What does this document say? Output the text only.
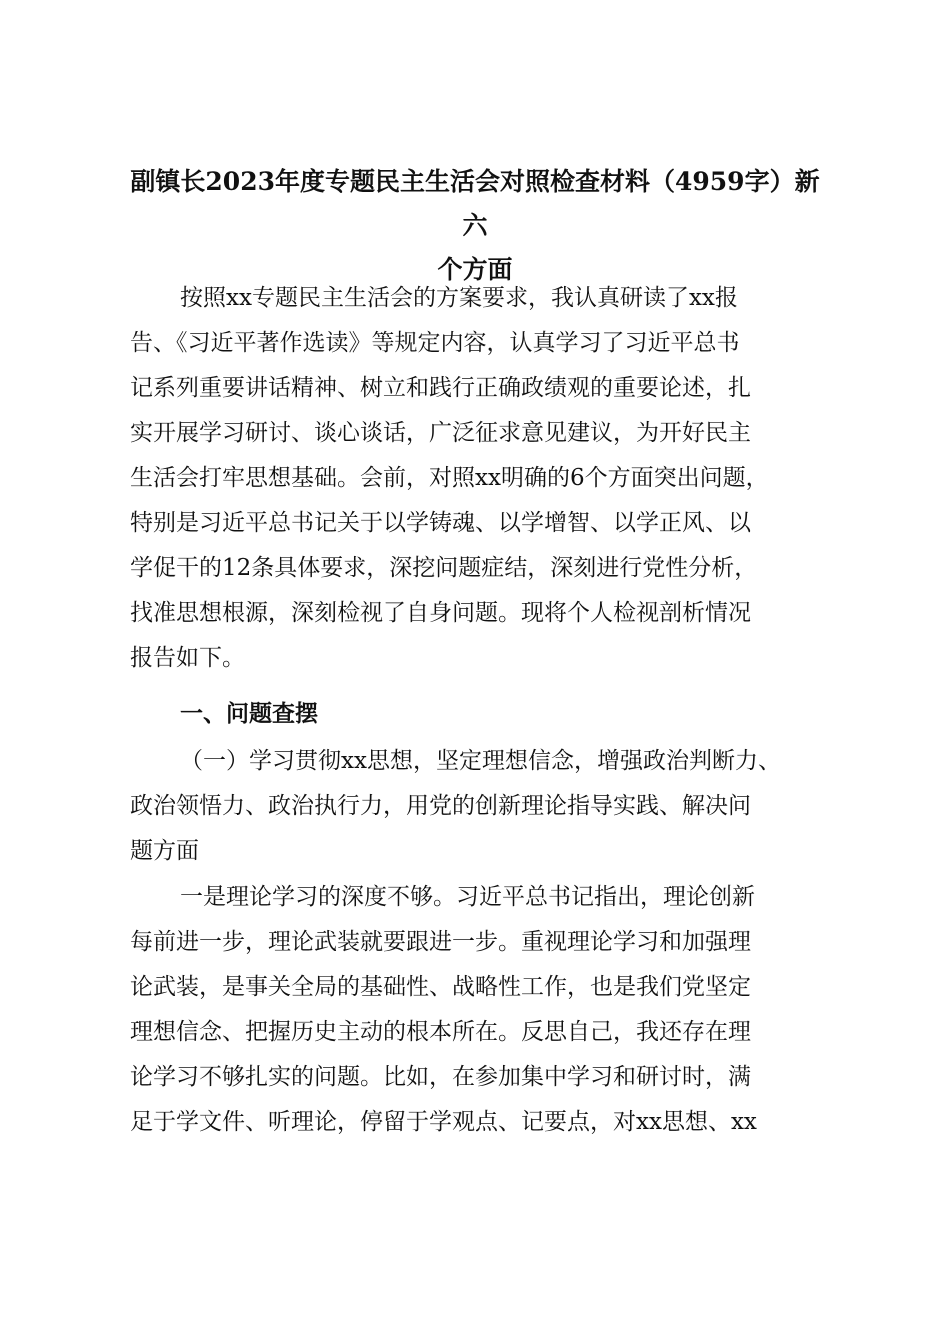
副镇长2023年度专题民主生活会对照检查材料（4959字）新六
个方面
按照xx专题民主生活会的方案要求，我认真研读了xx报
告、《习近平著作选读》等规定内容，认真学习了习近平总书
记系列重要讲话精神、树立和践行正确政绩观的重要论述，扎
实开展学习研讨、谈心谈话，广泛征求意见建议，为开好民主
生活会打牢思想基础。会前，对照xx明确的6个方面突出问题，
特别是习近平总书记关于以学铸魂、以学增智、以学正风、以
学促干的12条具体要求，深挖问题症结，深刻进行党性分析，
找准思想根源，深刻检视了自身问题。现将个人检视剖析情况
报告如下。
一、问题查摆
（一）学习贯彻xx思想，坚定理想信念，增强政治判断力、
政治领悟力、政治执行力，用党的创新理论指导实践、解决问
题方面
一是理论学习的深度不够。习近平总书记指出，理论创新
每前进一步，理论武装就要跟进一步。重视理论学习和加强理
论武装，是事关全局的基础性、战略性工作，也是我们党坚定
理想信念、把握历史主动的根本所在。反思自己，我还存在理
论学习不够扎实的问题。比如，在参加集中学习和研讨时，满
足于学文件、听理论，停留于学观点、记要点，对xx思想、xx
